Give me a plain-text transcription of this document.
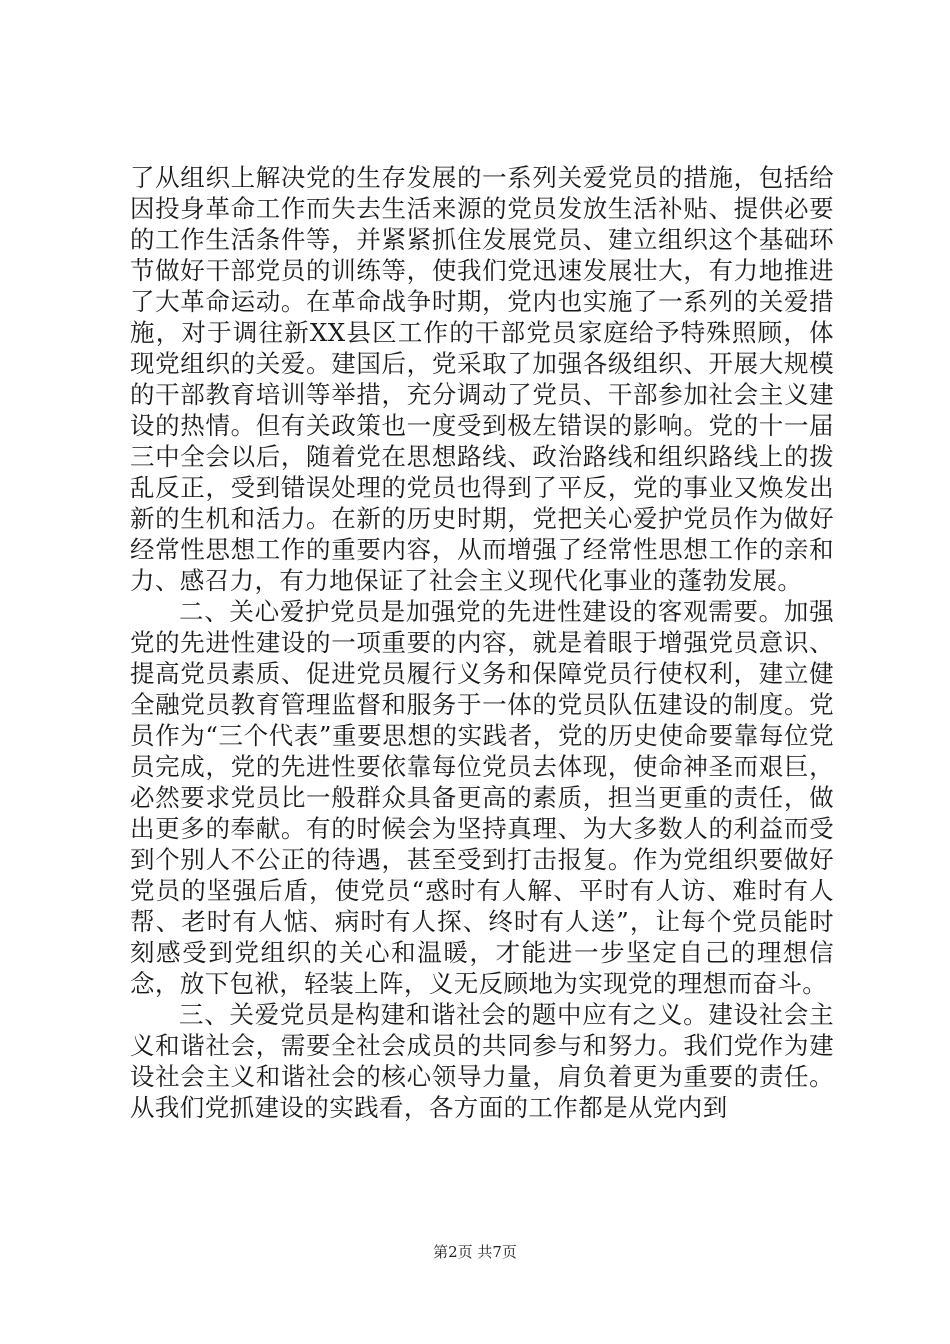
了从组织上解决党的生存发展的一系列关爱党员的措施，包括给因投身革命工作而失去生活来源的党员发放生活补贴、提供必要的工作生活条件等，并紧紧抓住发展党员、建立组织这个基础环节做好干部党员的训练等，使我们党迅速发展壮大，有力地推进了大革命运动。在革命战争时期，党内也实施了一系列的关爱措施，对于调往新XX县区工作的干部党员家庭给予特殊照顾，体现党组织的关爱。建国后，党采取了加强各级组织、开展大规模的干部教育培训等举措，充分调动了党员、干部参加社会主义建设的热情。但有关政策也一度受到极左错误的影响。党的十一届三中全会以后，随着党在思想路线、政治路线和组织路线上的拨乱反正，受到错误处理的党员也得到了平反，党的事业又焕发出新的生机和活力。在新的历史时期，党把关心爱护党员作为做好经常性思想工作的重要内容，从而增强了经常性思想工作的亲和力、感召力，有力地保证了社会主义现代化事业的蓬勃发展。

二、关心爱护党员是加强党的先进性建设的客观需要。加强党的先进性建设的一项重要的内容，就是着眼于增强党员意识、提高党员素质、促进党员履行义务和保障党员行使权利，建立健全融党员教育管理监督和服务于一体的党员队伍建设的制度。党员作为“三个代表”重要思想的实践者，党的历史使命要靠每位党员完成，党的先进性要依靠每位党员去体现，使命神圣而艰巨，必然要求党员比一般群众具备更高的素质，担当更重的责任，做出更多的奉献。有的时候会为坚持真理、为大多数人的利益而受到个别人不公正的待遇，甚至受到打击报复。作为党组织要做好党员的坚强后盾，使党员“惑时有人解、平时有人访、难时有人帮、老时有人惦、病时有人探、终时有人送”，让每个党员能时刻感受到党组织的关心和温暖，才能进一步坚定自己的理想信念，放下包袱，轻装上阵，义无反顾地为实现党的理想而奋斗。

三、关爱党员是构建和谐社会的题中应有之义。建设社会主义和谐社会，需要全社会成员的共同参与和努力。我们党作为建设社会主义和谐社会的核心领导力量，肩负着更为重要的责任。从我们党抓建设的实践看，各方面的工作都是从党内到

第2页 共7页
